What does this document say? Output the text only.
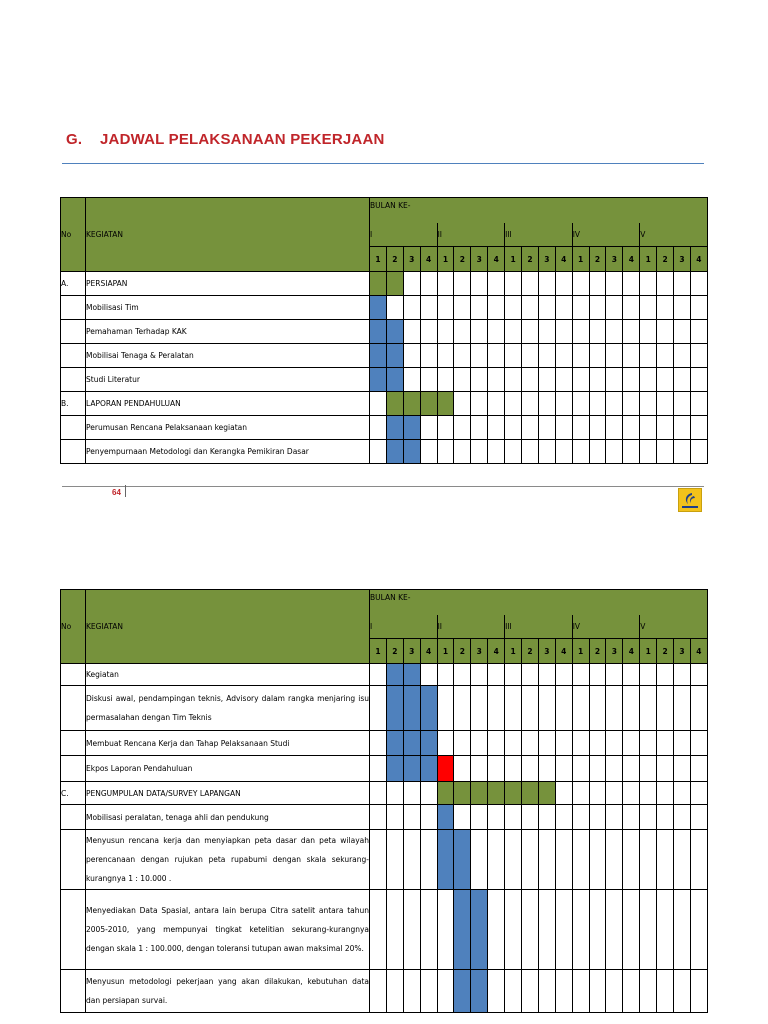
G. JADWAL PELAKSANAAN PEKERJAAN
No	KEGIATAN	BULAN KE-																			
		I				II				III				IV				V			
		1	2	3	4	1	2	3	4	1	2	3	4	1	2	3	4	1	2	3	4
A.	PERSIAPAN																				
	Mobilisasi Tim																				
	Pemahaman Terhadap KAK																				
	Mobilisai Tenaga & Peralatan																				
	Studi Literatur																				
B.	LAPORAN PENDAHULUAN																				
	Perumusan Rencana Pelaksanaan kegiatan																				
	Penyempurnaan Metodologi dan Kerangka Pemikiran Dasar																				
64
No	KEGIATAN	BULAN KE-																			
		I				II				III				IV				V			
		1	2	3	4	1	2	3	4	1	2	3	4	1	2	3	4	1	2	3	4
	Kegiatan																				
	Diskusi awal, pendampingan teknis, Advisory dalam rangka menjaring isu permasalahan dengan Tim Teknis																				
	Membuat Rencana Kerja dan Tahap Pelaksanaan Studi																				
	Ekpos Laporan Pendahuluan																				
C.	PENGUMPULAN DATA/SURVEY LAPANGAN																				
	Mobilisasi peralatan, tenaga ahli dan pendukung																				
	Menyusun rencana kerja dan menyiapkan peta dasar dan peta wilayah perencanaan dengan rujukan peta rupabumi dengan skala sekurang-kurangnya 1 : 10.000 .																				
	Menyediakan Data Spasial, antara lain berupa Citra satelit antara tahun 2005-2010, yang mempunyai tingkat ketelitian sekurang-kurangnya dengan skala 1 : 100.000, dengan toleransi tutupan awan maksimal 20%.																				
	Menyusun metodologi pekerjaan yang akan dilakukan, kebutuhan data dan persiapan survai.																				
